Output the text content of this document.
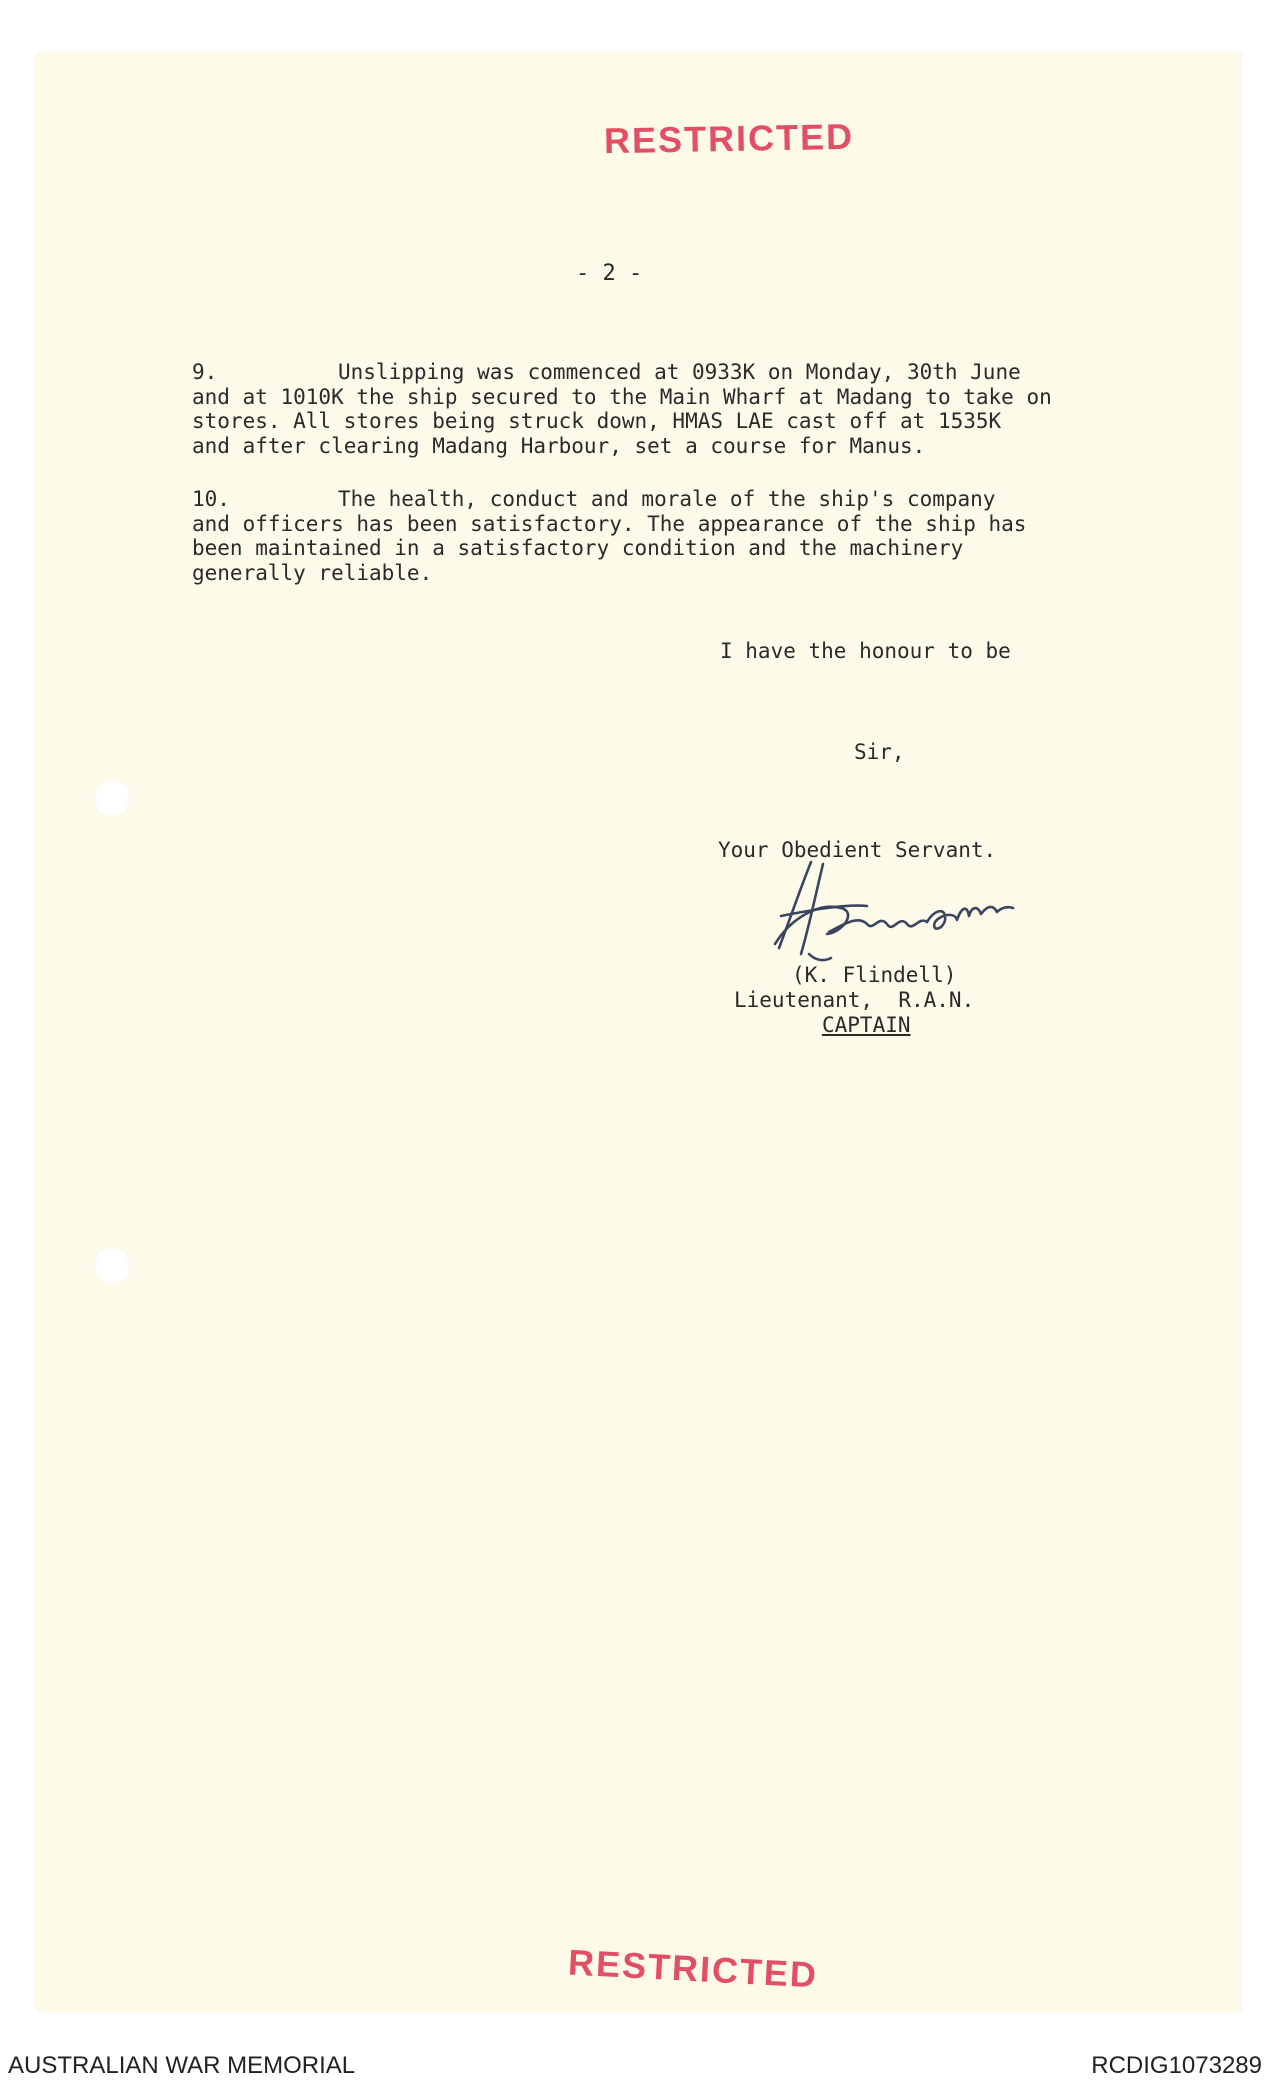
RESTRICTED
- 2 -
9.	Unslipping was commenced at 0933K on Monday, 30th June
and at 1010K the ship secured to the Main Wharf at Madang to take on
stores. All stores being struck down, HMAS LAE cast off at 1535K
and after clearing Madang Harbour, set a course for Manus.
10.	The health, conduct and morale of the ship's company
and officers has been satisfactory. The appearance of the ship has
been maintained in a satisfactory condition and the machinery
generally reliable.
I have the honour to be
Sir,
Your Obedient Servant.
(K. Flindell)
Lieutenant,  R.A.N.
CAPTAIN
RESTRICTED
AUSTRALIAN WAR MEMORIAL	RCDIG1073289
